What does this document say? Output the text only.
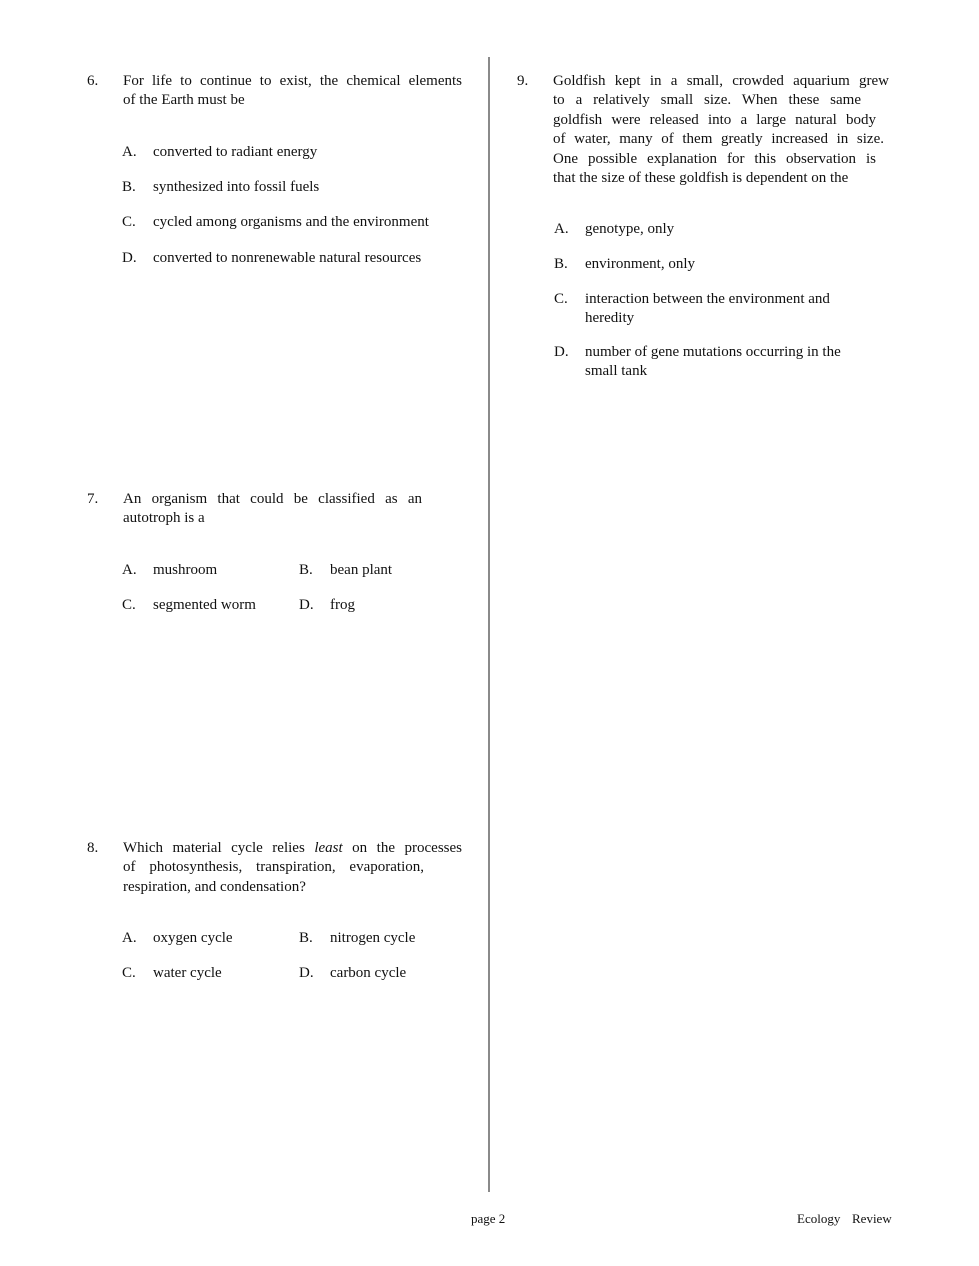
6. For life to continue to exist, the chemical elements
of the Earth must be
A. converted to radiant energy
B. synthesized into fossil fuels
C. cycled among organisms and the environment
D. converted to nonrenewable natural resources
7. An organism that could be classified as an
autotroph is a
A. mushroom	B. bean plant
C. segmented worm	D. frog
8. Which material cycle relies least on the processes
of photosynthesis, transpiration, evaporation,
respiration, and condensation?
A. oxygen cycle	B. nitrogen cycle
C. water cycle	D. carbon cycle
9. Goldfish kept in a small, crowded aquarium grew
to a relatively small size. When these same
goldfish were released into a large natural body
of water, many of them greatly increased in size.
One possible explanation for this observation is
that the size of these goldfish is dependent on the
A. genotype, only
B. environment, only
C. interaction between the environment and heredity
D. number of gene mutations occurring in the small tank
page 2	Ecology Review
